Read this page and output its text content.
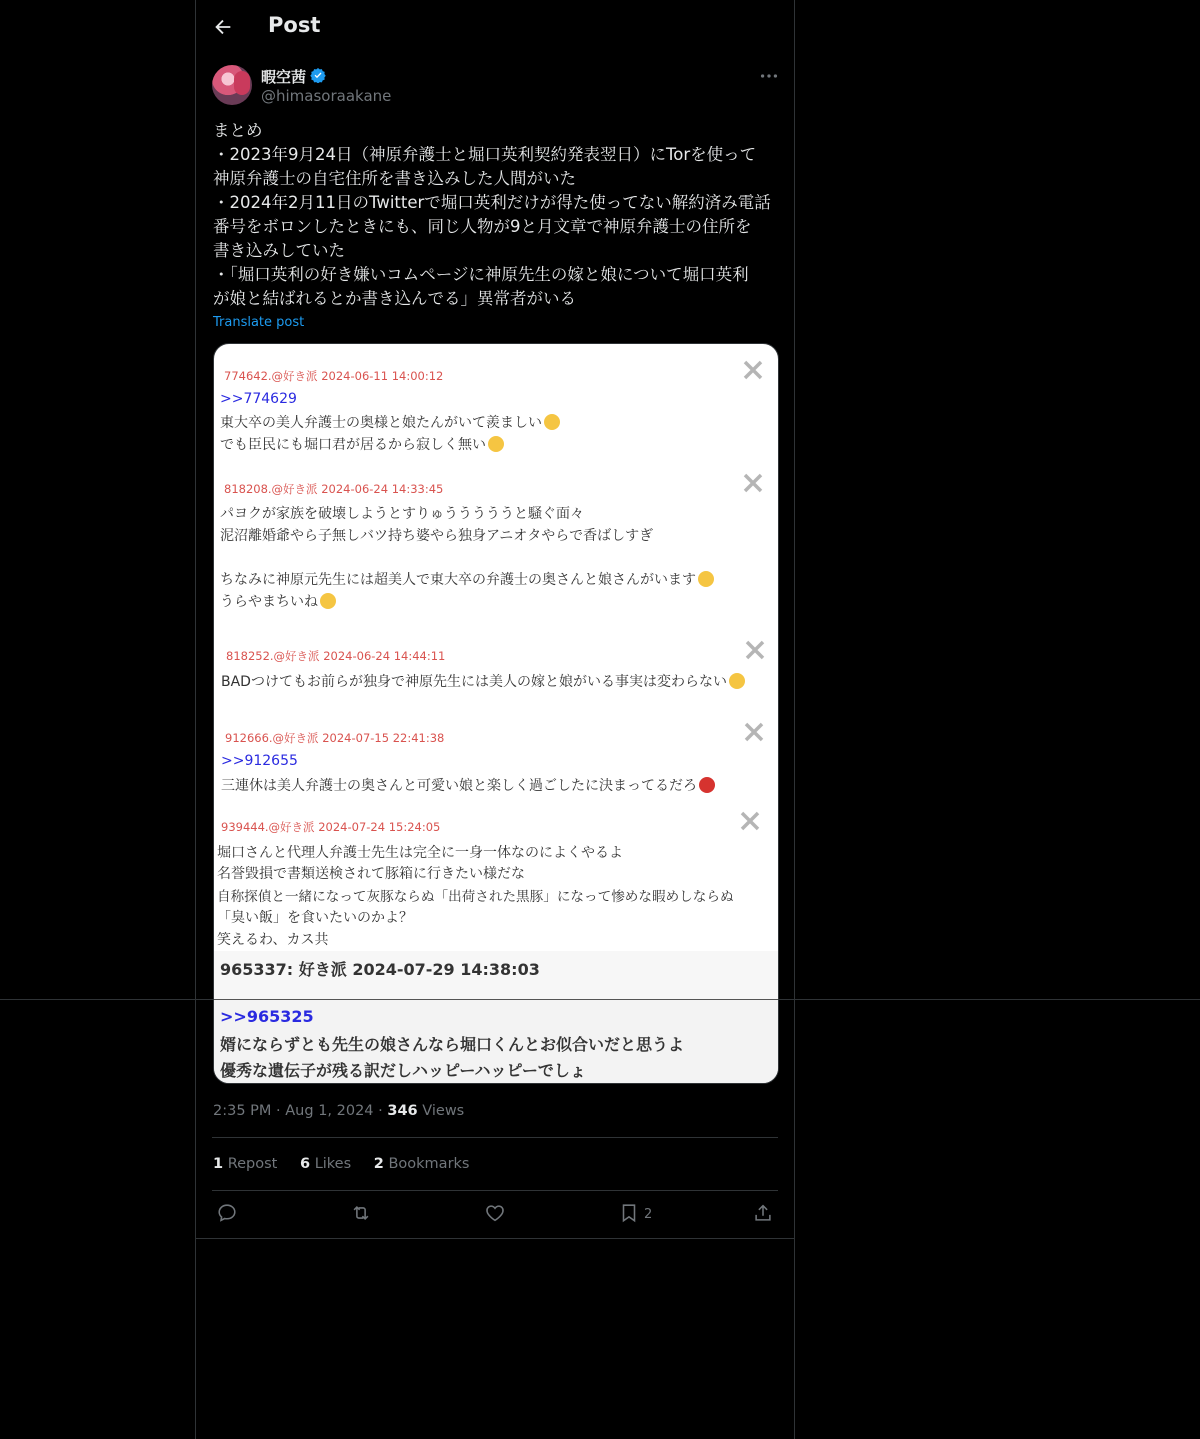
Post
暇空茜
@himasoraakane
まとめ
・2023年9月24日（神原弁護士と堀口英利契約発表翌日）にTorを使って
神原弁護士の自宅住所を書き込みした人間がいた
・2024年2月11日のTwitterで堀口英利だけが得た使ってない解約済み電話
番号をボロンしたときにも、同じ人物が9と月文章で神原弁護士の住所を
書き込みしていた
・「堀口英利の好き嫌いコムページに神原先生の嫁と娘について堀口英利
が娘と結ばれるとか書き込んでる」異常者がいる
Translate post
774642.@好き派 2024-06-11 14:00:12
>>774629
東大卒の美人弁護士の奥様と娘たんがいて羨ましい
でも臣民にも堀口君が居るから寂しく無い
818208.@好き派 2024-06-24 14:33:45
パヨクが家族を破壊しようとすりゅうううううと騒ぐ面々
泥沼離婚爺やら子無しバツ持ち婆やら独身アニオタやらで香ばしすぎ
ちなみに神原元先生には超美人で東大卒の弁護士の奥さんと娘さんがいます
うらやまちいね
818252.@好き派 2024-06-24 14:44:11
BADつけてもお前らが独身で神原先生には美人の嫁と娘がいる事実は変わらない
912666.@好き派 2024-07-15 22:41:38
>>912655
三連休は美人弁護士の奥さんと可愛い娘と楽しく過ごしたに決まってるだろ
939444.@好き派 2024-07-24 15:24:05
堀口さんと代理人弁護士先生は完全に一身一体なのによくやるよ
名誉毀損で書類送検されて豚箱に行きたい様だな
自称探偵と一緒になって灰豚ならぬ「出荷された黒豚」になって惨めな暇めしならぬ
「臭い飯」を食いたいのかよ？
笑えるわ、カス共
965337: 好き派 2024-07-29 14:38:03
>>965325
婿にならずとも先生の娘さんなら堀口くんとお似合いだと思うよ
優秀な遺伝子が残る訳だしハッピーハッピーでしょ
2:35 PM · Aug 1, 2024 · 346 Views
1 Repost 6 Likes 2 Bookmarks
2
